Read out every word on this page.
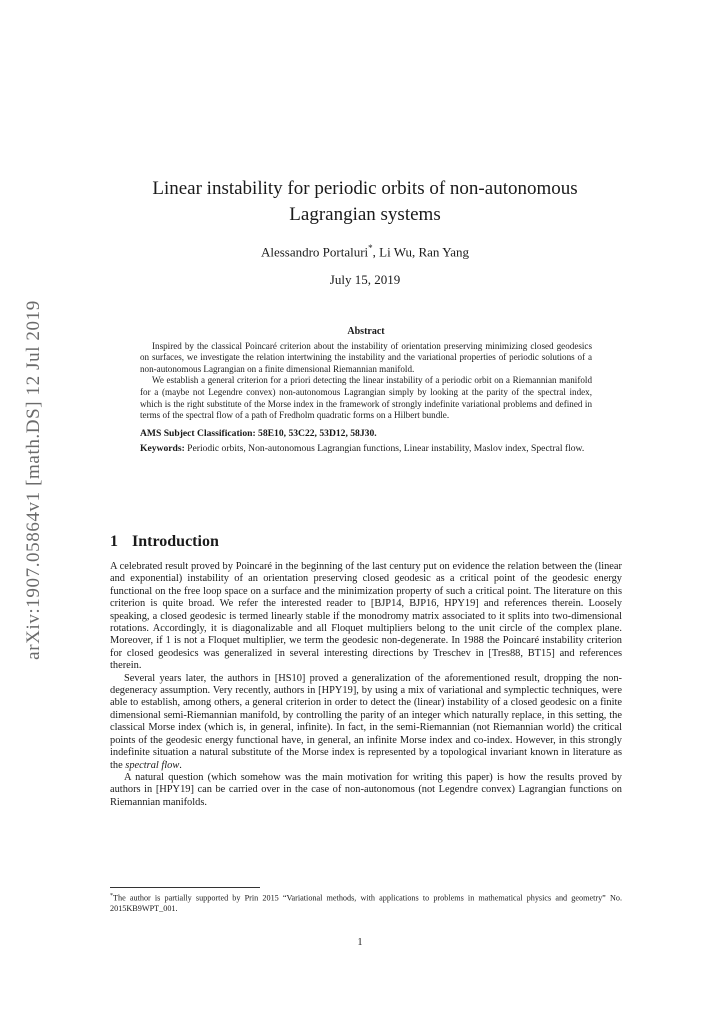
arXiv:1907.05864v1 [math.DS] 12 Jul 2019
Linear instability for periodic orbits of non-autonomous
Lagrangian systems
Alessandro Portaluri*, Li Wu, Ran Yang
July 15, 2019
Abstract

Inspired by the classical Poincaré criterion about the instability of orientation preserving minimizing closed geodesics on surfaces, we investigate the relation intertwining the instability and the variational properties of periodic solutions of a non-autonomous Lagrangian on a finite dimensional Riemannian manifold.

We establish a general criterion for a priori detecting the linear instability of a periodic orbit on a Riemannian manifold for a (maybe not Legendre convex) non-autonomous Lagrangian simply by looking at the parity of the spectral index, which is the right substitute of the Morse index in the framework of strongly indefinite variational problems and defined in terms of the spectral flow of a path of Fredholm quadratic forms on a Hilbert bundle.

AMS Subject Classification: 58E10, 53C22, 53D12, 58J30.

Keywords: Periodic orbits, Non-autonomous Lagrangian functions, Linear instability, Maslov index, Spectral flow.

1 Introduction

A celebrated result proved by Poincaré in the beginning of the last century put on evidence the relation between the (linear and exponential) instability of an orientation preserving closed geodesic as a critical point of the geodesic energy functional on the free loop space on a surface and the minimization property of such a critical point. The literature on this criterion is quite broad. We refer the interested reader to [BJP14, BJP16, HPY19] and references therein. Loosely speaking, a closed geodesic is termed linearly stable if the monodromy matrix associated to it splits into two-dimensional rotations. Accordingly, it is diagonalizable and all Floquet multipliers belong to the unit circle of the complex plane. Moreover, if 1 is not a Floquet multiplier, we term the geodesic non-degenerate. In 1988 the Poincaré instability criterion for closed geodesics was generalized in several interesting directions by Treschev in [Tres88, BT15] and references therein.

Several years later, the authors in [HS10] proved a generalization of the aforementioned result, dropping the non-degeneracy assumption. Very recently, authors in [HPY19], by using a mix of variational and symplectic techniques, were able to establish, among others, a general criterion in order to detect the (linear) instability of a closed geodesic on a finite dimensional semi-Riemannian manifold, by controlling the parity of an integer which naturally replace, in this setting, the classical Morse index (which is, in general, infinite). In fact, in the semi-Riemannian (not Riemannian world) the critical points of the geodesic energy functional have, in general, an infinite Morse index and co-index. However, in this strongly indefinite situation a natural substitute of the Morse index is represented by a topological invariant known in literature as the spectral flow.

A natural question (which somehow was the main motivation for writing this paper) is how the results proved by authors in [HPY19] can be carried over in the case of non-autonomous (not Legendre convex) Lagrangian functions on Riemannian manifolds.

*The author is partially supported by Prin 2015 “Variational methods, with applications to problems in mathematical physics and geometry” No. 2015KB9WPT_001.
1
